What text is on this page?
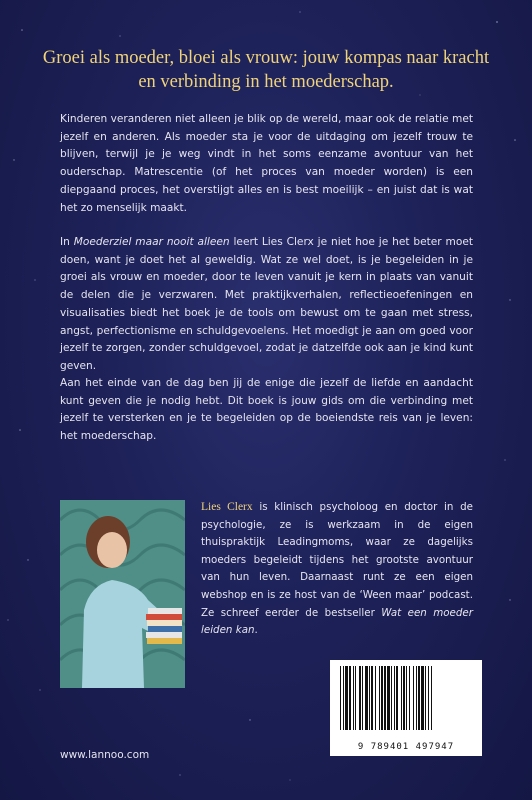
Groei als moeder, bloei als vrouw: jouw kompas naar kracht en verbinding in het moederschap.

Kinderen veranderen niet alleen je blik op de wereld, maar ook de relatie met jezelf en anderen. Als moeder sta je voor de uitdaging om jezelf trouw te blijven, terwijl je je weg vindt in het soms eenzame avontuur van het ouderschap. Matrescentie (of het proces van moeder worden) is een diepgaand proces, het overstijgt alles en is best moeilijk – en juist dat is wat het zo menselijk maakt.

In Moederziel maar nooit alleen leert Lies Clerx je niet hoe je het beter moet doen, want je doet het al geweldig. Wat ze wel doet, is je begeleiden in je groei als vrouw en moeder, door te leven vanuit je kern in plaats van vanuit de delen die je verzwaren. Met praktijkverhalen, reflectieoefeningen en visualisaties biedt het boek je de tools om bewust om te gaan met stress, angst, perfectionisme en schuldgevoelens. Het moedigt je aan om goed voor jezelf te zorgen, zonder schuldgevoel, zodat je datzelfde ook aan je kind kunt geven.

Aan het einde van de dag ben jij de enige die jezelf de liefde en aandacht kunt geven die je nodig hebt. Dit boek is jouw gids om die verbinding met jezelf te versterken en je te begeleiden op de boeiendste reis van je leven: het moederschap.

Lies Clerx is klinisch psycholoog en doctor in de psychologie, ze is werkzaam in de eigen thuispraktijk Leadingmoms, waar ze dagelijks moeders begeleidt tijdens het grootste avontuur van hun leven. Daarnaast runt ze een eigen webshop en is ze host van de ‘Ween maar’ podcast. Ze schreef eerder de bestseller Wat een moeder leiden kan.

9 789401 497947
www.lannoo.com
